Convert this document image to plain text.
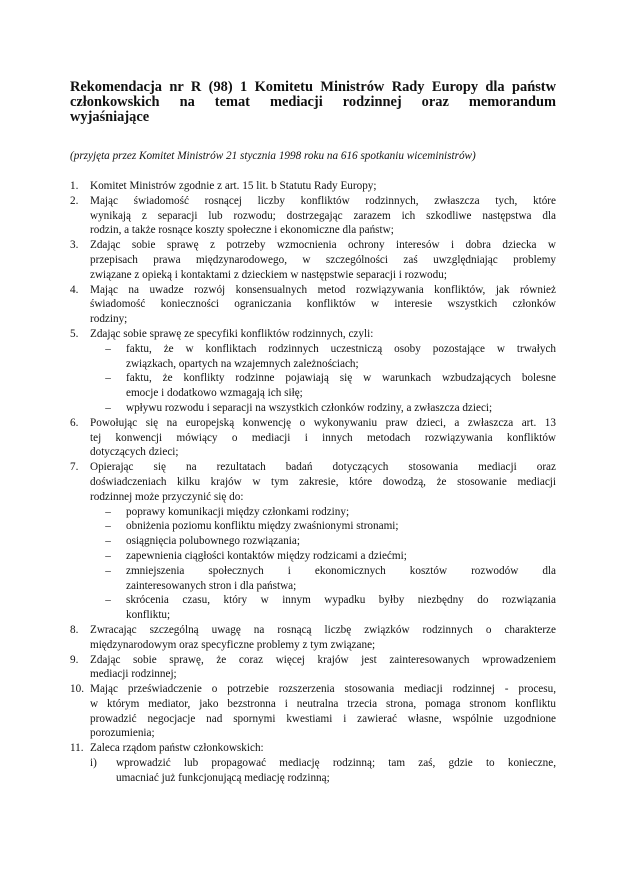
Rekomendacja nr R (98) 1 Komitetu Ministrów Rady Europy dla państw
członkowskich na temat mediacji rodzinnej oraz memorandum
wyjaśniające
(przyjęta przez Komitet Ministrów 21 stycznia 1998 roku na 616 spotkaniu wiceministrów)
1.	Komitet Ministrów zgodnie z art. 15 lit. b Statutu Rady Europy;
2.	Mając świadomość rosnącej liczby konfliktów rodzinnych, zwłaszcza tych, które
wynikają z separacji lub rozwodu; dostrzegając zarazem ich szkodliwe następstwa dla
rodzin, a także rosnące koszty społeczne i ekonomiczne dla państw;
3.	Zdając sobie sprawę z potrzeby wzmocnienia ochrony interesów i dobra dziecka w
przepisach prawa międzynarodowego, w szczególności zaś uwzględniając problemy
związane z opieką i kontaktami z dzieckiem w następstwie separacji i rozwodu;
4.	Mając na uwadze rozwój konsensualnych metod rozwiązywania konfliktów, jak również
świadomość konieczności ograniczania konfliktów w interesie wszystkich członków
rodziny;
5.	Zdając sobie sprawę ze specyfiki konfliktów rodzinnych, czyli:
–	faktu, że w konfliktach rodzinnych uczestniczą osoby pozostające w trwałych
związkach, opartych na wzajemnych zależnościach;
–	faktu, że konflikty rodzinne pojawiają się w warunkach wzbudzających bolesne
emocje i dodatkowo wzmagają ich siłę;
–	wpływu rozwodu i separacji na wszystkich członków rodziny, a zwłaszcza dzieci;
6.	Powołując się na europejską konwencję o wykonywaniu praw dzieci, a zwłaszcza art. 13
tej konwencji mówiący o mediacji i innych metodach rozwiązywania konfliktów
dotyczących dzieci;
7.	Opierając się na rezultatach badań dotyczących stosowania mediacji oraz
doświadczeniach kilku krajów w tym zakresie, które dowodzą, że stosowanie mediacji
rodzinnej może przyczynić się do:
–	poprawy komunikacji między członkami rodziny;
–	obniżenia poziomu konfliktu między zwaśnionymi stronami;
–	osiągnięcia polubownego rozwiązania;
–	zapewnienia ciągłości kontaktów między rodzicami a dziećmi;
–	zmniejszenia społecznych i ekonomicznych kosztów rozwodów dla
zainteresowanych stron i dla państwa;
–	skrócenia czasu, który w innym wypadku byłby niezbędny do rozwiązania
konfliktu;
8.	Zwracając szczególną uwagę na rosnącą liczbę związków rodzinnych o charakterze
międzynarodowym oraz specyficzne problemy z tym związane;
9.	Zdając sobie sprawę, że coraz więcej krajów jest zainteresowanych wprowadzeniem
mediacji rodzinnej;
10. Mając przeświadczenie o potrzebie rozszerzenia stosowania mediacji rodzinnej - procesu,
w którym mediator, jako bezstronna i neutralna trzecia strona, pomaga stronom konfliktu
prowadzić negocjacje nad spornymi kwestiami i zawierać własne, wspólnie uzgodnione
porozumienia;
11. Zaleca rządom państw członkowskich:
i)	wprowadzić lub propagować mediację rodzinną; tam zaś, gdzie to konieczne,
umacniać już funkcjonującą mediację rodzinną;
